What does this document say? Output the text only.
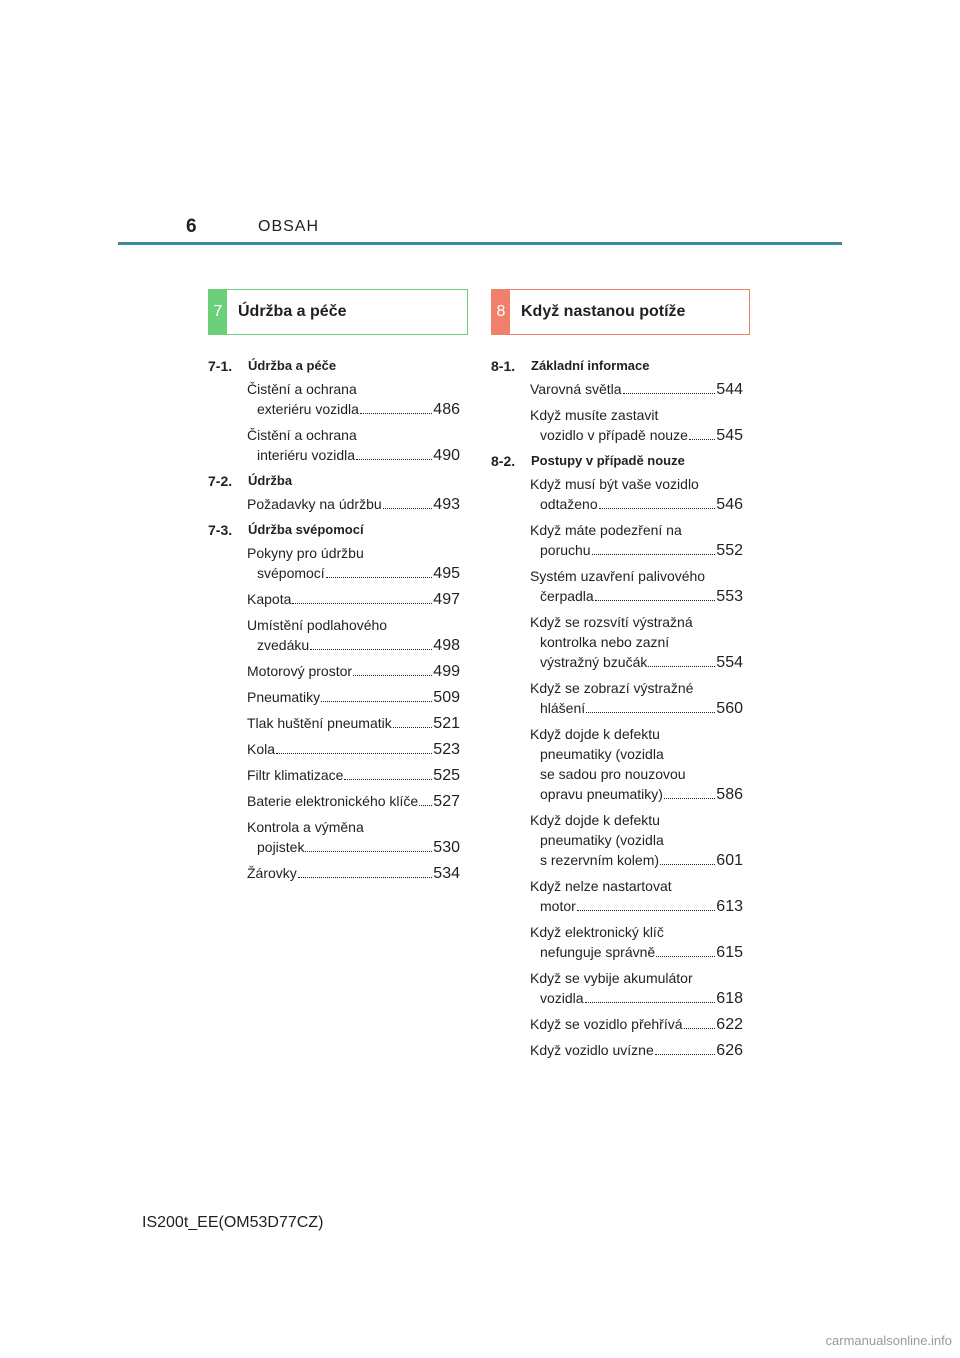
6	OBSAH
7 Údržba a péče	8 Když nastanou potíže
7-1. Údržba a péče
Čistění a ochrana
exteriéru vozidla	486
Čistění a ochrana
interiéru vozidla	490
7-2. Údržba
Požadavky na údržbu	493
7-3. Údržba svépomocí
Pokyny pro údržbu
svépomocí	495
Kapota	497
Umístění podlahového
zvedáku	498
Motorový prostor	499
Pneumatiky	509
Tlak huštění pneumatik	521
Kola	523
Filtr klimatizace	525
Baterie elektronického klíče 527
Kontrola a výměna
pojistek	530
Žárovky	534
8-1. Základní informace
Varovná světla	544
Když musíte zastavit
vozidlo v případě nouze 545
8-2. Postupy v případě nouze
Když musí být vaše vozidlo
odtaženo	546
Když máte podezření na
poruchu	552
Systém uzavření palivového
čerpadla	553
Když se rozsvítí výstražná
kontrolka nebo zazní
výstražný bzučák	554
Když se zobrazí výstražné
hlášení	560
Když dojde k defektu
pneumatiky (vozidla
se sadou pro nouzovou
opravu pneumatiky)	586
Když dojde k defektu
pneumatiky (vozidla
s rezervním kolem)	601
Když nelze nastartovat
motor	613
Když elektronický klíč
nefunguje správně	615
Když se vybije akumulátor
vozidla	618
Když se vozidlo přehřívá 622
Když vozidlo uvízne	626
IS200t_EE(OM53D77CZ)
carmanualsonline.info
